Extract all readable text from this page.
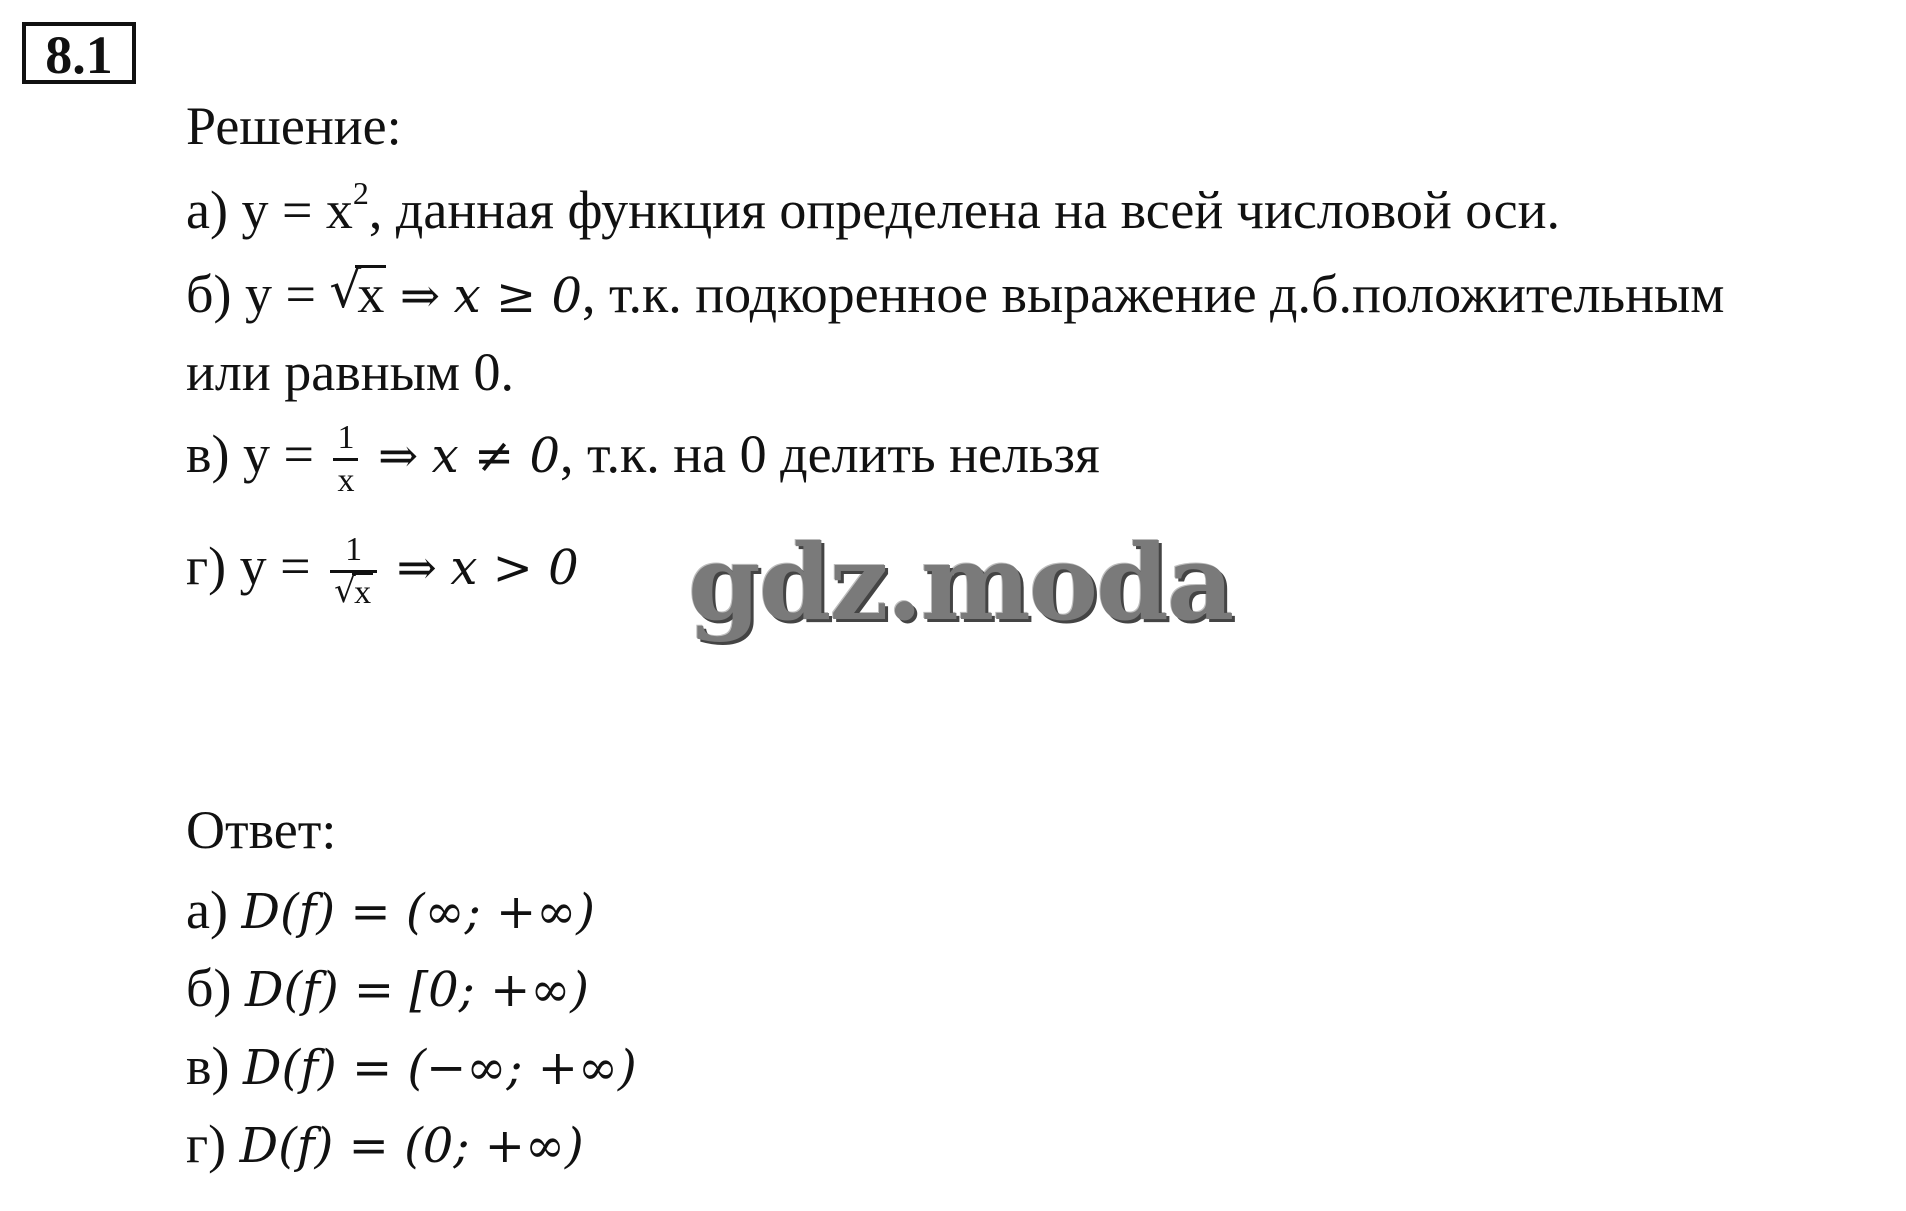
8.1
Решение:
а) $y = x^2$, данная функция определена на всей числовой оси.
б) y = √
x ⇒ x ≥ 0, т.к. подкоренное выражение д.б.положительным
или равным 0.
в) $y = \frac{1}{x}$ ⇒ x ≠ 0, т.к. на 0 делить нельзя
г) y = 1
√
x ⇒ x > 0 gdz.moda
Ответ:
а) D(f) = (∞; +∞)
б) D(f) = [0; +∞)
в) D(f) = (−∞; +∞)
г) D(f) = (0; +∞)
